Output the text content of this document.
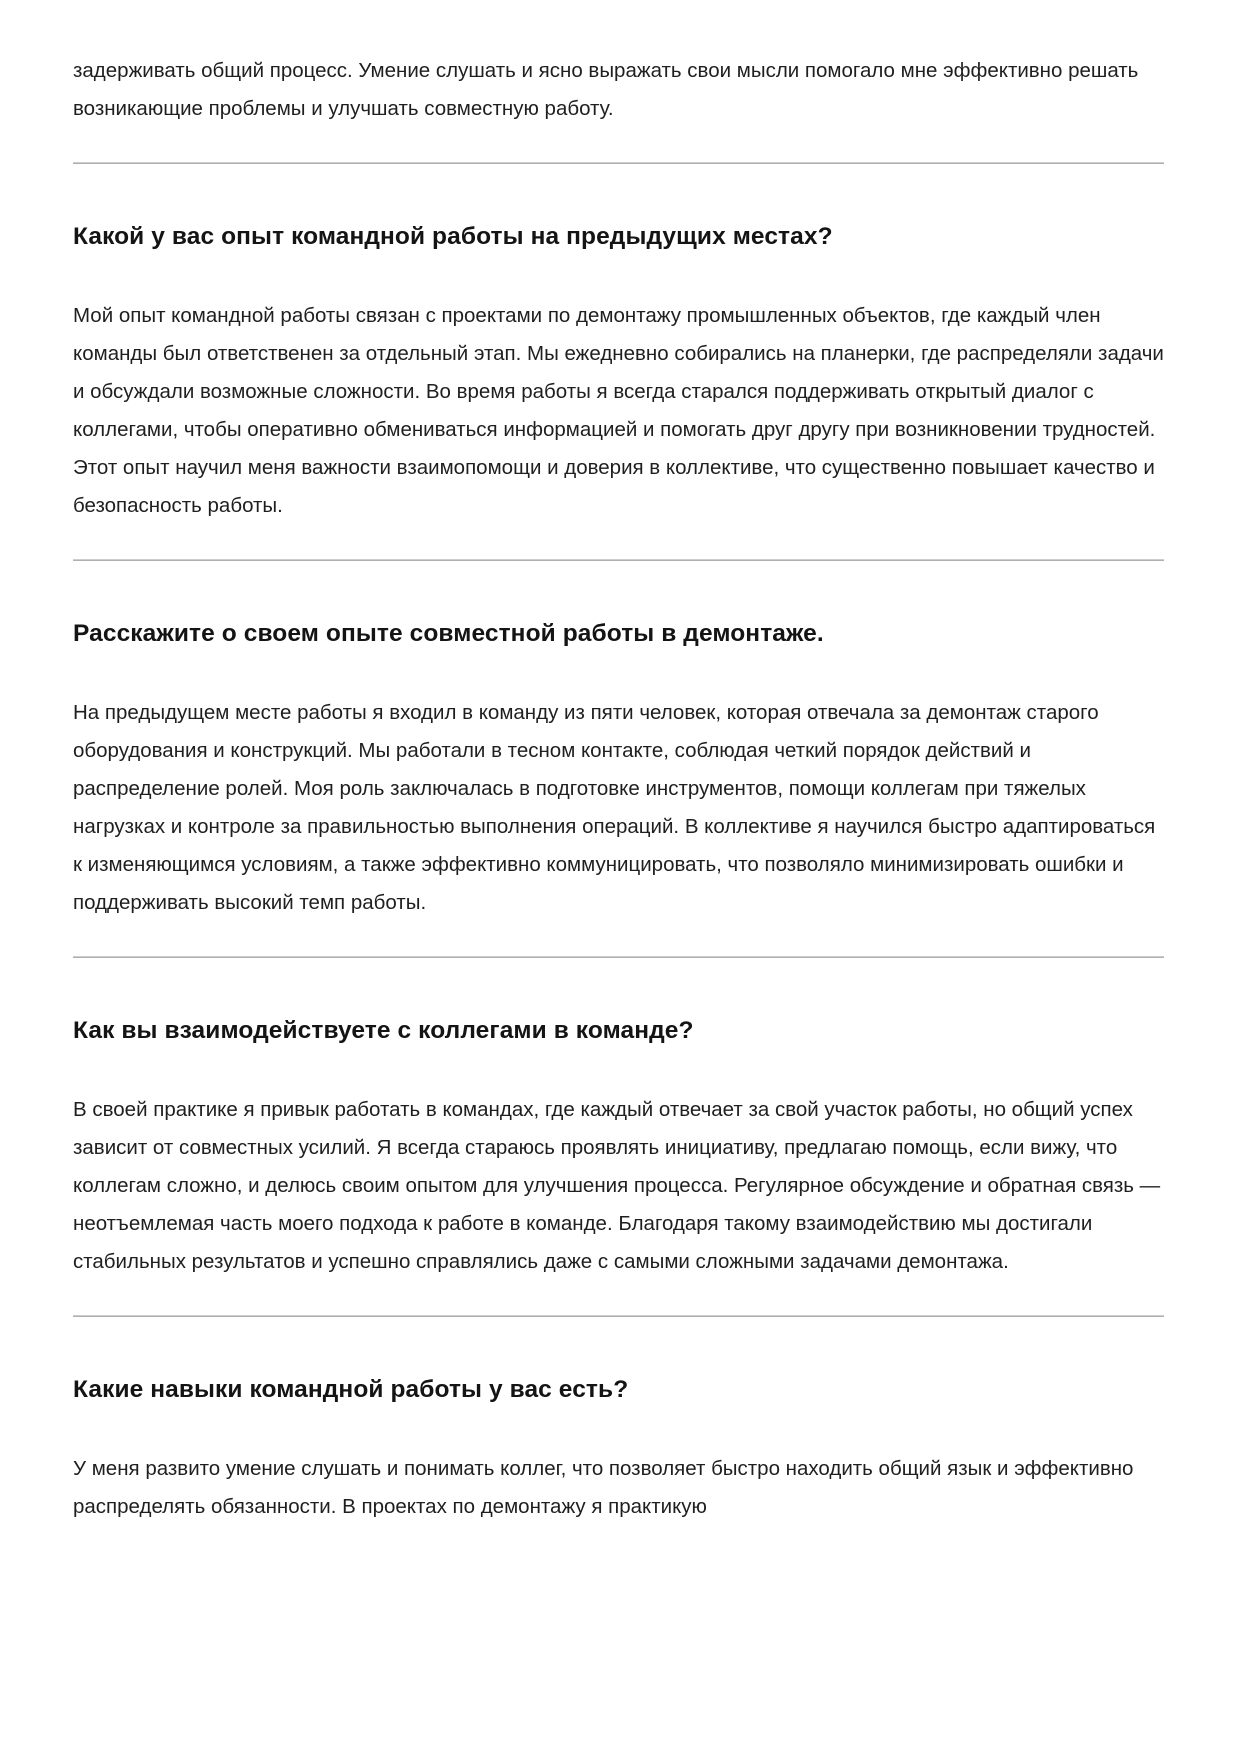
задерживать общий процесс. Умение слушать и ясно выражать свои мысли помогало мне эффективно решать возникающие проблемы и улучшать совместную работу.

Какой у вас опыт командной работы на предыдущих местах?

Мой опыт командной работы связан с проектами по демонтажу промышленных объектов, где каждый член команды был ответственен за отдельный этап. Мы ежедневно собирались на планерки, где распределяли задачи и обсуждали возможные сложности. Во время работы я всегда старался поддерживать открытый диалог с коллегами, чтобы оперативно обмениваться информацией и помогать друг другу при возникновении трудностей. Этот опыт научил меня важности взаимопомощи и доверия в коллективе, что существенно повышает качество и безопасность работы.

Расскажите о своем опыте совместной работы в демонтаже.

На предыдущем месте работы я входил в команду из пяти человек, которая отвечала за демонтаж старого оборудования и конструкций. Мы работали в тесном контакте, соблюдая четкий порядок действий и распределение ролей. Моя роль заключалась в подготовке инструментов, помощи коллегам при тяжелых нагрузках и контроле за правильностью выполнения операций. В коллективе я научился быстро адаптироваться к изменяющимся условиям, а также эффективно коммуницировать, что позволяло минимизировать ошибки и поддерживать высокий темп работы.

Как вы взаимодействуете с коллегами в команде?

В своей практике я привык работать в командах, где каждый отвечает за свой участок работы, но общий успех зависит от совместных усилий. Я всегда стараюсь проявлять инициативу, предлагаю помощь, если вижу, что коллегам сложно, и делюсь своим опытом для улучшения процесса. Регулярное обсуждение и обратная связь — неотъемлемая часть моего подхода к работе в команде. Благодаря такому взаимодействию мы достигали стабильных результатов и успешно справлялись даже с самыми сложными задачами демонтажа.

Какие навыки командной работы у вас есть?

У меня развито умение слушать и понимать коллег, что позволяет быстро находить общий язык и эффективно распределять обязанности. В проектах по демонтажу я практикую
